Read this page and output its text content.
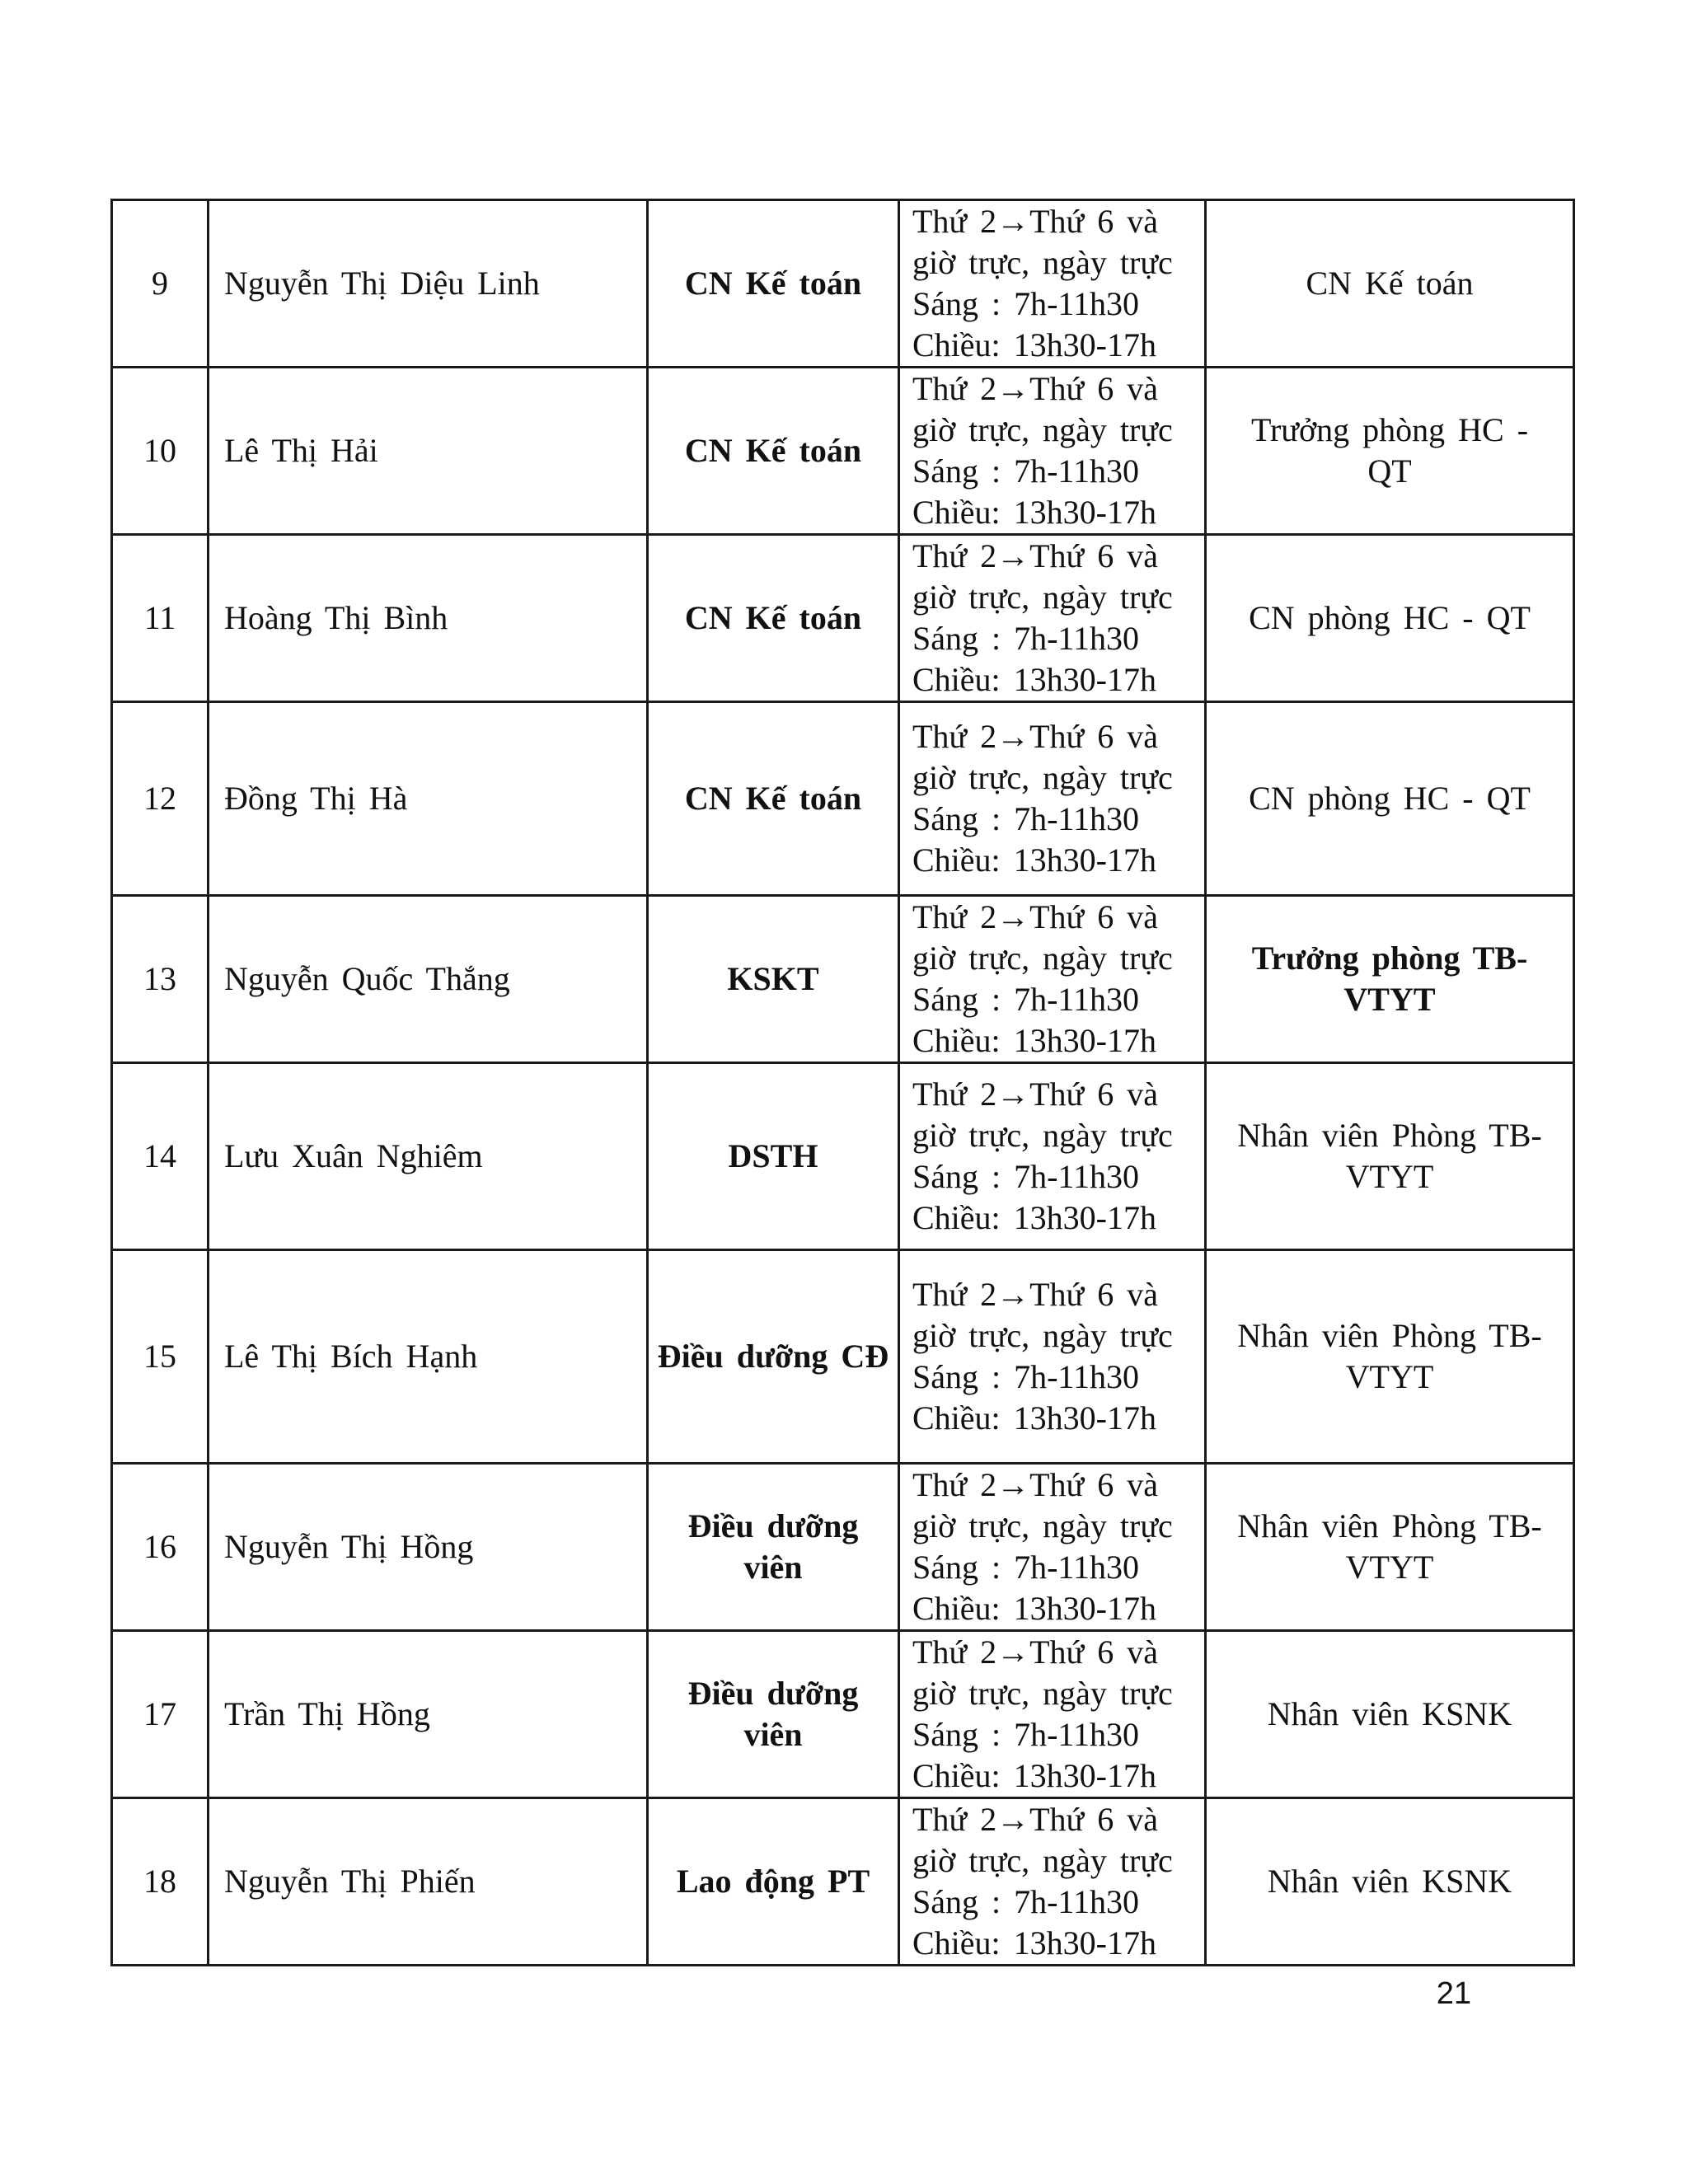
9	Nguyễn Thị Diệu Linh	CN Kế toán	Thứ 2→Thứ 6 và
giờ trực, ngày trực
Sáng : 7h-11h30
Chiều: 13h30-17h	CN Kế toán
10	Lê Thị Hải	CN Kế toán	Thứ 2→Thứ 6 và
giờ trực, ngày trực
Sáng : 7h-11h30
Chiều: 13h30-17h	Trưởng phòng HC - QT
11	Hoàng Thị Bình	CN Kế toán	Thứ 2→Thứ 6 và
giờ trực, ngày trực
Sáng : 7h-11h30
Chiều: 13h30-17h	CN phòng HC - QT
12	Đồng Thị Hà	CN Kế toán	Thứ 2→Thứ 6 và
giờ trực, ngày trực
Sáng : 7h-11h30
Chiều: 13h30-17h	CN phòng HC - QT
13	Nguyễn Quốc Thắng	KSKT	Thứ 2→Thứ 6 và
giờ trực, ngày trực
Sáng : 7h-11h30
Chiều: 13h30-17h	Trưởng phòng TB-VTYT
14	Lưu Xuân Nghiêm	DSTH	Thứ 2→Thứ 6 và
giờ trực, ngày trực
Sáng : 7h-11h30
Chiều: 13h30-17h	Nhân viên Phòng TB-VTYT
15	Lê Thị Bích Hạnh	Điều dưỡng CĐ	Thứ 2→Thứ 6 và
giờ trực, ngày trực
Sáng : 7h-11h30
Chiều: 13h30-17h	Nhân viên Phòng TB-VTYT
16	Nguyễn Thị Hồng	Điều dưỡng viên	Thứ 2→Thứ 6 và
giờ trực, ngày trực
Sáng : 7h-11h30
Chiều: 13h30-17h	Nhân viên Phòng TB-VTYT
17	Trần Thị Hồng	Điều dưỡng viên	Thứ 2→Thứ 6 và
giờ trực, ngày trực
Sáng : 7h-11h30
Chiều: 13h30-17h	Nhân viên KSNK
18	Nguyễn Thị Phiến	Lao động PT	Thứ 2→Thứ 6 và
giờ trực, ngày trực
Sáng : 7h-11h30
Chiều: 13h30-17h	Nhân viên KSNK
21
